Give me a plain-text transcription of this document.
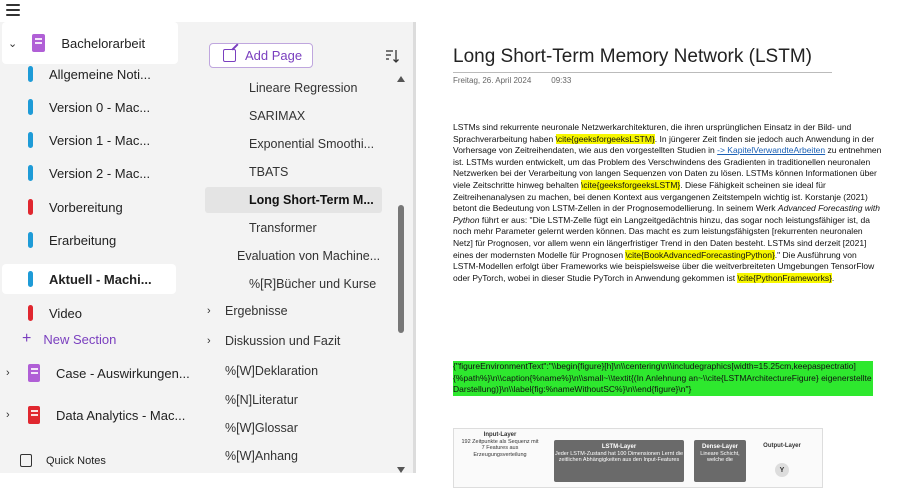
⌄	Bachelorarbeit
Allgemeine Noti...
Version 0 - Mac...
Version 1 - Mac...
Version 2 - Mac...
Vorbereitung
Erarbeitung
Aktuell - Machi...
Video
+ New Section
›	Case - Auswirkungen...
›	Data Analytics - Mac...
Quick Notes
Add Page
Lineare Regression
SARIMAX
Exponential Smoothi...
TBATS
Long Short-Term M...
Transformer
Evaluation von Machine...
%[R]Bücher und Kurse
›	Ergebnisse
›	Diskussion und Fazit
%[W]Deklaration
%[N]Literatur
%[W]Glossar
%[W]Anhang
Long Short-Term Memory Network (LSTM)
Freitag, 26. April 2024	09:33
LSTMs sind rekurrente neuronale Netzwerkarchitekturen, die ihren ursprünglichen Einsatz in der Bild- und Sprachverarbeitung haben \cite{geeksforgeeksLSTM}. In jüngerer Zeit finden sie jedoch auch Anwendung in der Vorhersage von Zeitreihendaten, wie aus den vorgestellten Studien in -> KapitelVerwandteArbeiten zu entnehmen ist. LSTMs wurden entwickelt, um das Problem des Verschwindens des Gradienten in traditionellen neuronalen Netzwerken bei der Verarbeitung von langen Sequenzen von Daten zu lösen. LSTMs können Informationen über viele Zeitschritte hinweg behalten \cite{geeksforgeeksLSTM}. Diese Fähigkeit scheinen sie ideal für Zeitreihenanalysen zu machen, bei denen Kontext aus vergangenen Zeitstempeln wichtig ist. Korstanje (2021) betont die Bedeutung von LSTM-Zellen in der Prognosemodellierung. In seinem Werk Advanced Forecasting with Python führt er aus: "Die LSTM-Zelle fügt ein Langzeitgedächtnis hinzu, das sogar noch leistungsfähiger ist, da noch mehr Parameter gelernt werden können. Das macht es zum leistungsfähigsten [rekurrenten neuronalen Netz] für Prognosen, vor allem wenn ein längerfristiger Trend in den Daten besteht. LSTMs sind derzeit [2021] eines der modernsten Modelle für Prognosen \cite{BookAdvancedForecastingPython}." Die Ausführung von LSTM-Modellen erfolgt über Frameworks wie beispielsweise über die weitverbreiteten Umgebungen TensorFlow oder PyTorch, wobei in dieser Studie PyTorch in Anwendung gekommen ist \cite{PythonFrameworks}.
{"figureEnvironmentText":"\\begin{figure}[h]\n\\centering\n\\includegraphics[width=15.25cm,keepaspectratio]{%path%}\n\\caption{%name%}\n\\small~\\textit{(In Anlehnung an~\\cite{LSTMArchitectureFigure} eigenerstellte Darstellung)}\n\\label{fig:%nameWithoutSC%}\n\\end{figure}\n"}
Input-Layer
192 Zeitpunkte als Sequenz mit 7 Features aus Erzeugungsverteilung
LSTM-Layer
Jeder LSTM-Zustand hat 100 Dimensionen Lernt die zeitlichen Abhängigkeiten aus den Input-Features
Dense-Layer
Lineare Schicht, welche die
Output-Layer
Y
